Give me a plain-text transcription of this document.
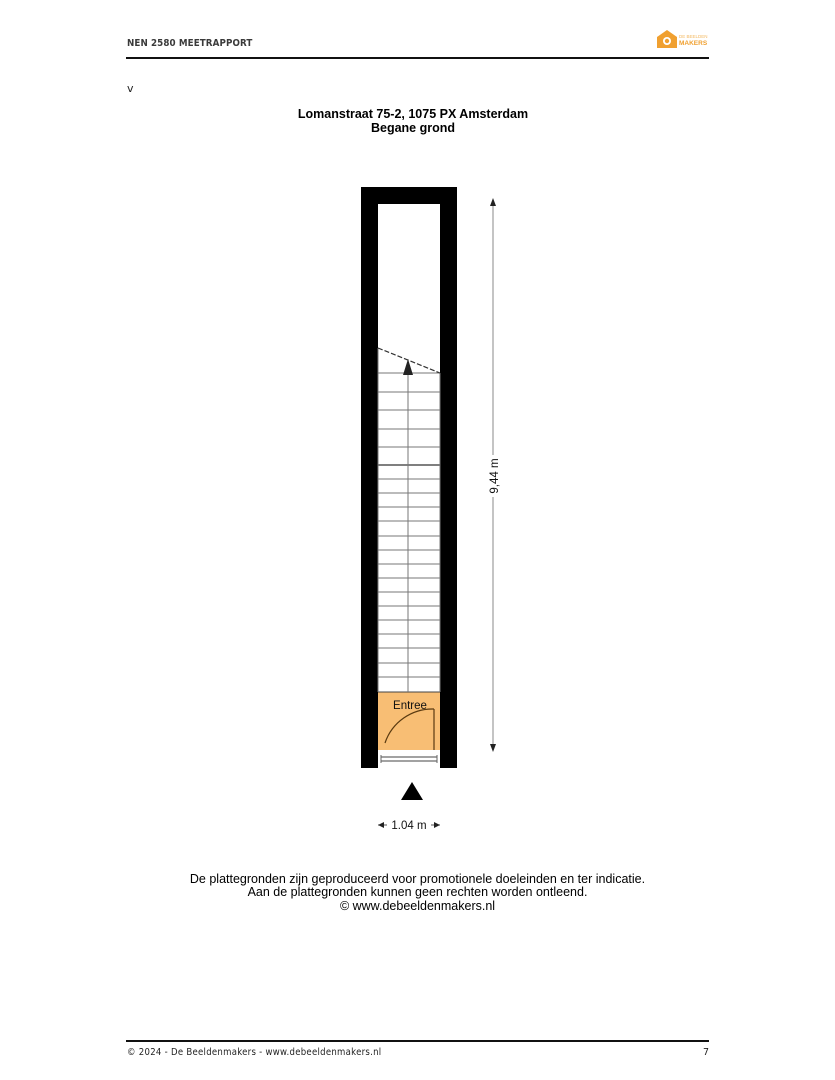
NEN 2580 MEETRAPPORT
DE BEELDEN
MAKERS
v
Lomanstraat 75-2, 1075 PX Amsterdam
Begane grond
Entree
9,44 m
1.04 m
De plattegronden zijn geproduceerd voor promotionele doeleinden en ter indicatie.
Aan de plattegronden kunnen geen rechten worden ontleend.
© www.debeeldenmakers.nl
© 2024 - De Beeldenmakers - www.debeeldenmakers.nl	7
